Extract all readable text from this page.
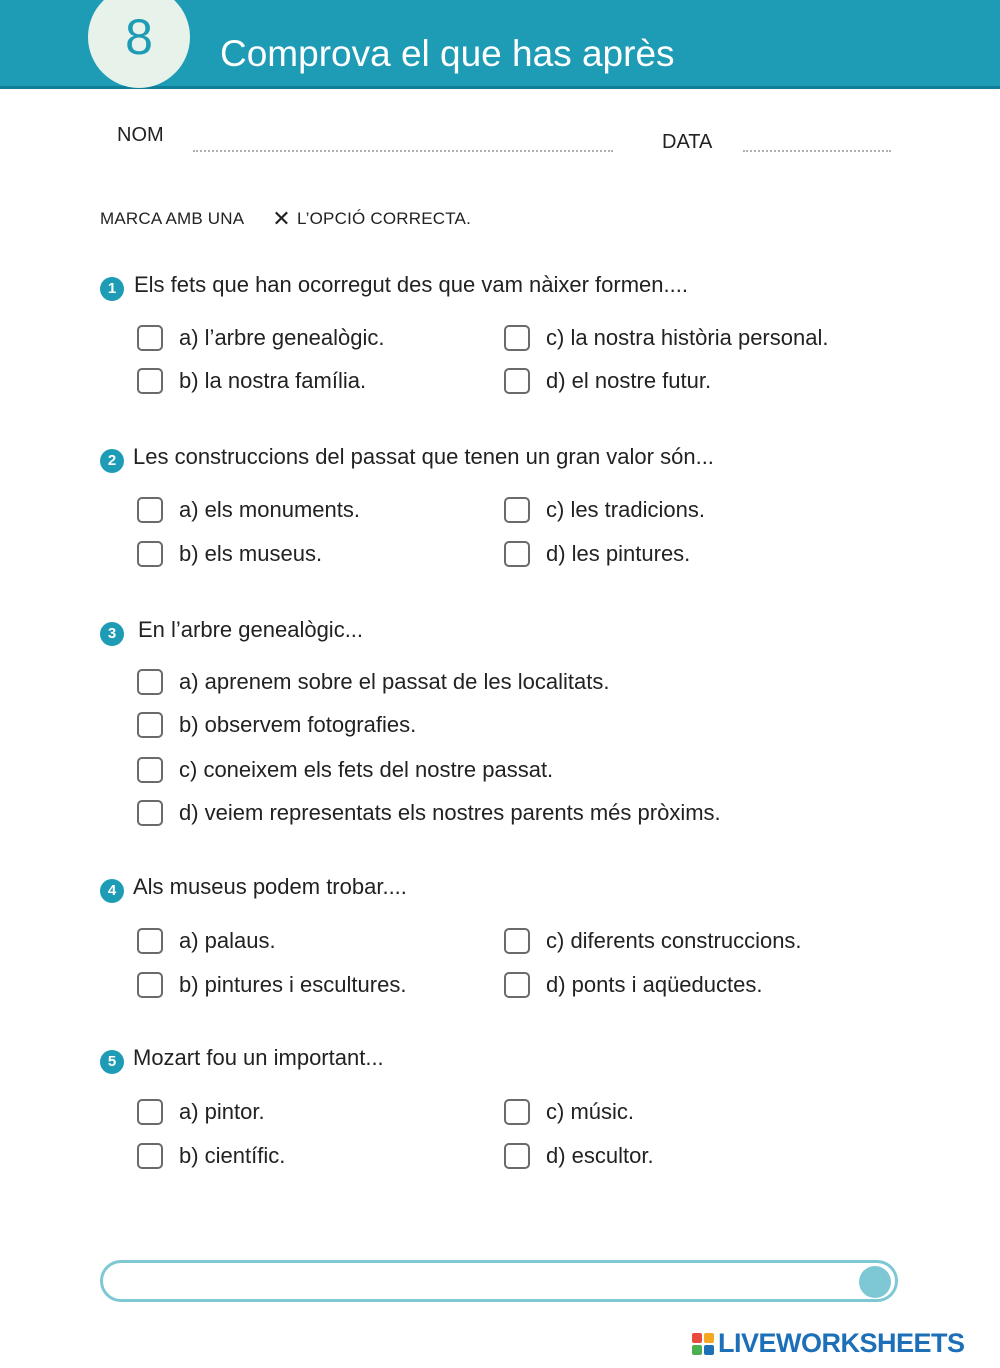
8	Comprova el que has après
NOM	DATA
MARCA AMB UNA ✕ L’OPCIÓ CORRECTA.
1 Els fets que han ocorregut des que vam nàixer formen....
a) l’arbre genealògic.
b) la nostra família.
c) la nostra història personal.
d) el nostre futur.
2 Les construccions del passat que tenen un gran valor són...
a) els monuments.
b) els museus.
c) les tradicions.
d) les pintures.
3 En l’arbre genealògic...
a) aprenem sobre el passat de les localitats.
b) observem fotografies.
c) coneixem els fets del nostre passat.
d) veiem representats els nostres parents més pròxims.
4 Als museus podem trobar....
a) palaus.
b) pintures i escultures.
c) diferents construccions.
d) ponts i aqüeductes.
5 Mozart fou un important...
a) pintor.
b) científic.
c) músic.
d) escultor.
LIVEWORKSHEETS
